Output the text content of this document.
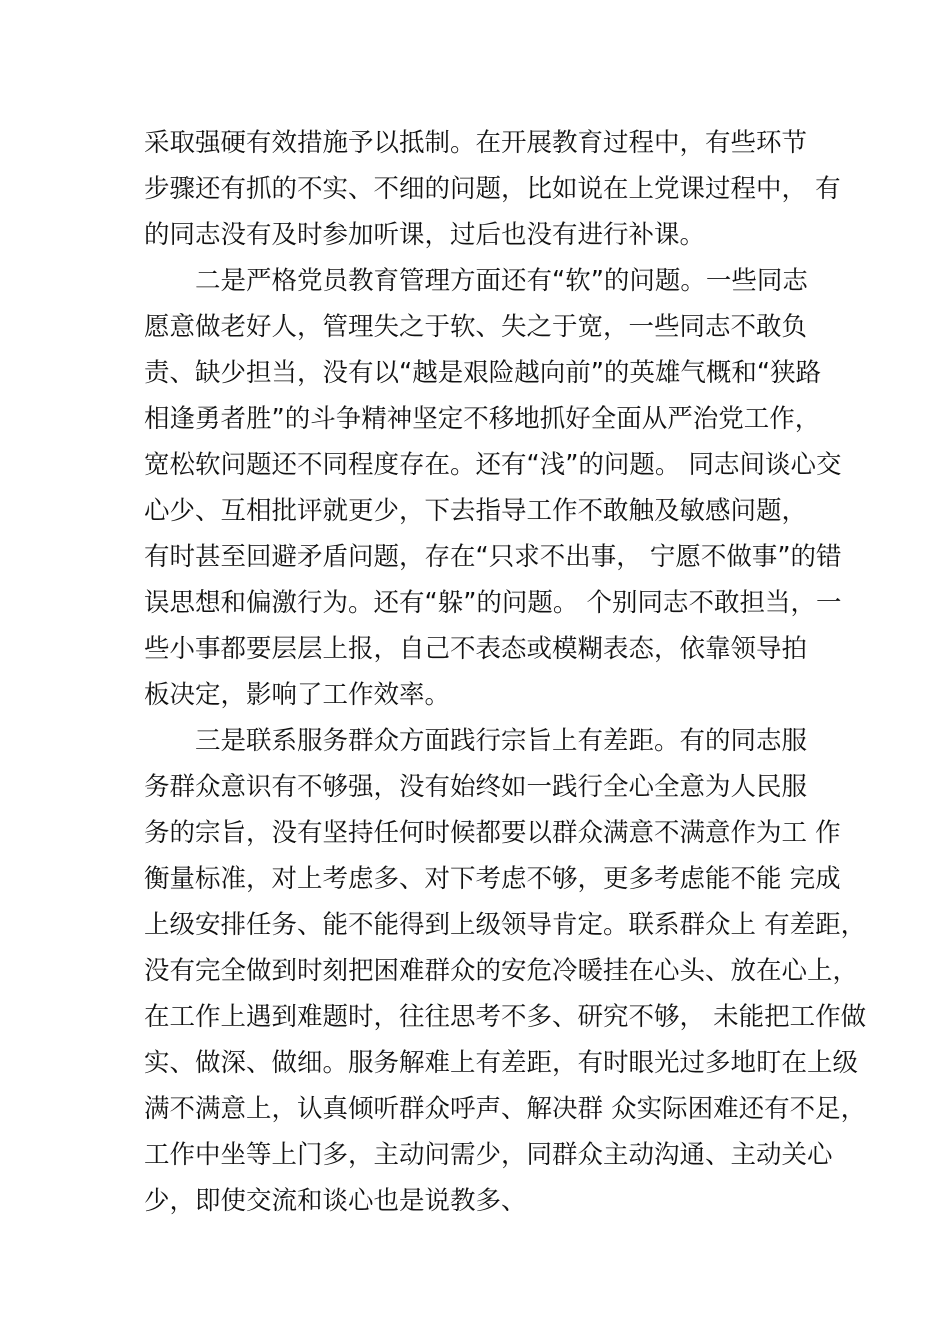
采取强硬有效措施予以抵制。在开展教育过程中，有些环节
步骤还有抓的不实、不细的问题，比如说在上党课过程中， 有
的同志没有及时参加听课，过后也没有进行补课。
二是严格党员教育管理方面还有“软”的问题。一些同志
愿意做老好人，管理失之于软、失之于宽，一些同志不敢负
责、缺少担当，没有以“越是艰险越向前”的英雄气概和“狭路
相逢勇者胜”的斗争精神坚定不移地抓好全面从严治党工作，
宽松软问题还不同程度存在。还有“浅”的问题。 同志间谈心交
心少、互相批评就更少，下去指导工作不敢触及敏感问题，
有时甚至回避矛盾问题，存在“只求不出事， 宁愿不做事”的错
误思想和偏激行为。还有“躲”的问题。 个别同志不敢担当，一
些小事都要层层上报，自己不表态或模糊表态，依靠领导拍
板决定，影响了工作效率。
三是联系服务群众方面践行宗旨上有差距。有的同志服
务群众意识有不够强，没有始终如一践行全心全意为人民服
务的宗旨，没有坚持任何时候都要以群众满意不满意作为工 作
衡量标准，对上考虑多、对下考虑不够，更多考虑能不能 完成
上级安排任务、能不能得到上级领导肯定。联系群众上 有差距，
没有完全做到时刻把困难群众的安危冷暖挂在心头、放在心上，
在工作上遇到难题时，往往思考不多、研究不够， 未能把工作做
实、做深、做细。服务解难上有差距，有时眼光过多地盯在上级
满不满意上，认真倾听群众呼声、解决群 众实际困难还有不足，
工作中坐等上门多，主动问需少，同群众主动沟通、主动关心
少，即使交流和谈心也是说教多、
